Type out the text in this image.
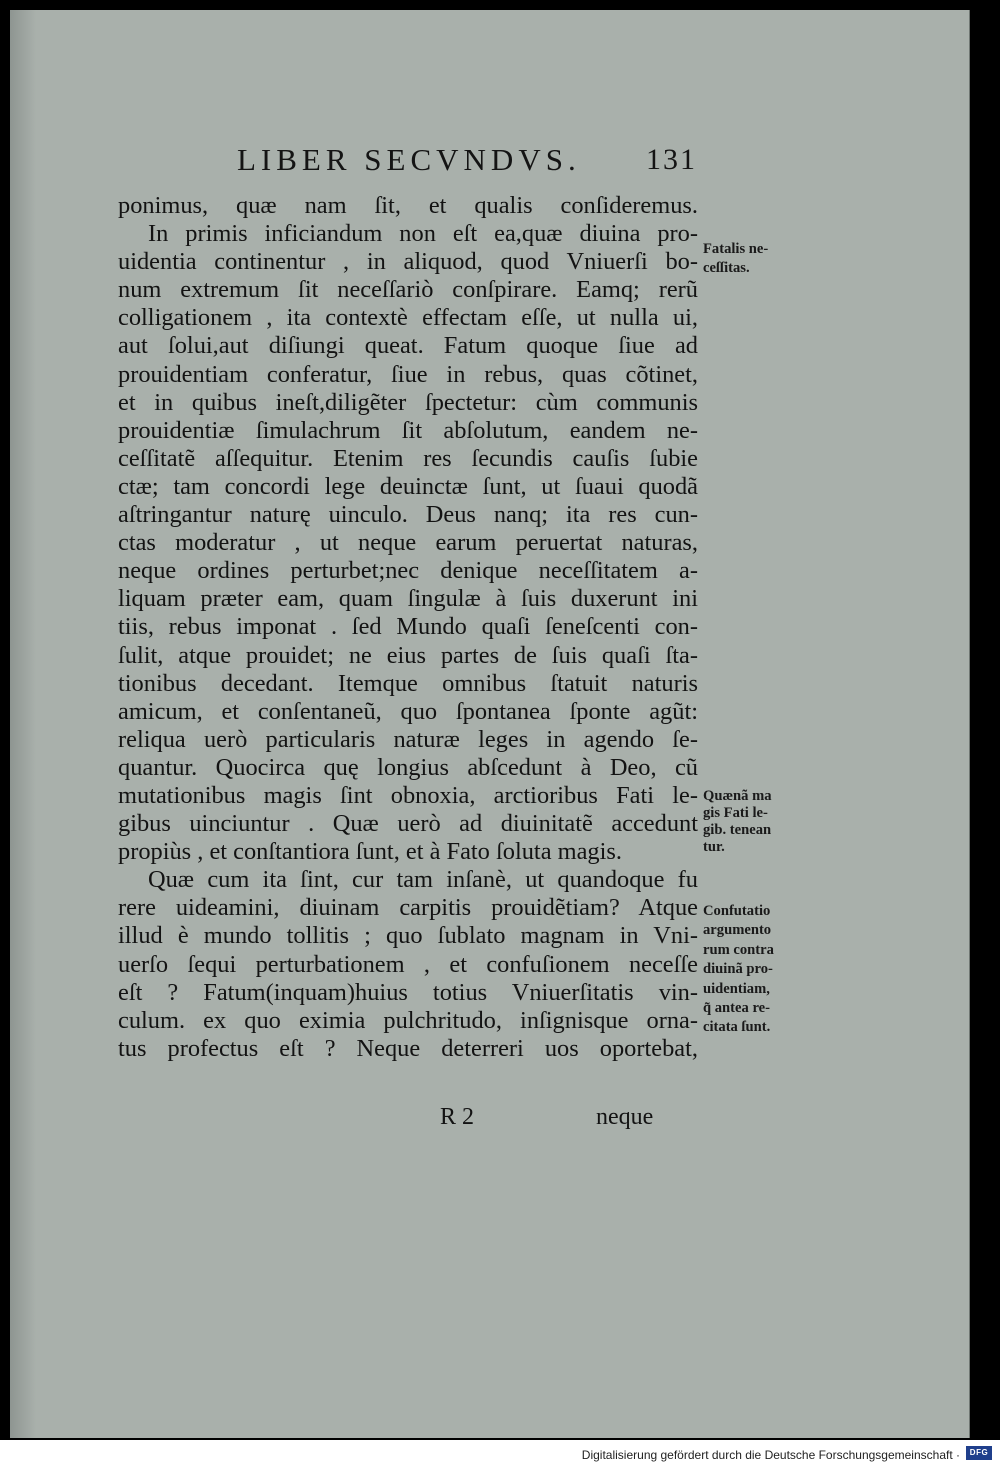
LIBER SECVNDVS. 131
ponimus, quæ nam ſit, et qualis conſideremus.
In primis inficiandum non eſt ea,quæ diuina pro-
uidentia continentur , in aliquod, quod Vniuerſi bo-
num extremum ſit neceſſariò conſpirare. Eamq; rerũ
colligationem , ita contextè effectam eſſe, ut nulla ui,
aut ſolui,aut diſiungi queat. Fatum quoque ſiue ad
prouidentiam conferatur, ſiue in rebus, quas cõtinet,
et in quibus ineſt,diligẽter ſpectetur: cùm communis
prouidentiæ ſimulachrum ſit abſolutum, eandem ne-
ceſſitatẽ aſſequitur. Etenim res ſecundis cauſis ſubie
ctæ; tam concordi lege deuinctæ ſunt, ut ſuaui quodã
aſtringantur naturę uinculo. Deus nanq; ita res cun-
ctas moderatur , ut neque earum peruertat naturas,
neque ordines perturbet;nec denique neceſſitatem a-
liquam præter eam, quam ſingulæ à ſuis duxerunt ini
tiis, rebus imponat . ſed Mundo quaſi ſeneſcenti con-
ſulit, atque prouidet; ne eius partes de ſuis quaſi ſta-
tionibus decedant. Itemque omnibus ſtatuit naturis
amicum, et conſentaneũ, quo ſpontanea ſponte agũt:
reliqua uerò particularis naturæ leges in agendo ſe-
quantur. Quocirca quę longius abſcedunt à Deo, cũ
mutationibus magis ſint obnoxia, arctioribus Fati le-
gibus uinciuntur . Quæ uerò ad diuinitatẽ accedunt
propiùs , et conſtantiora ſunt, et à Fato ſoluta magis.
Quæ cum ita ſint, cur tam inſanè, ut quandoque fu
rere uideamini, diuinam carpitis prouidẽtiam? Atque
illud è mundo tollitis ; quo ſublato magnam in Vni-
uerſo ſequi perturbationem , et confuſionem neceſſe
eſt ? Fatum(inquam)huius totius Vniuerſitatis vin-
culum. ex quo eximia pulchritudo, inſignisque orna-
tus profectus eſt ? Neque deterreri uos oportebat,
Fatalis ne-
ceſſitas.
Quænã ma
gis Fati le-
gib. tenean
tur.
Confutatio
argumento
rum contra
diuinã pro-
uidentiam,
q̃ antea re-
citata ſunt.
R 2	neque
Digitalisierung gefördert durch die Deutsche Forschungsgemeinschaft ·	DFG
